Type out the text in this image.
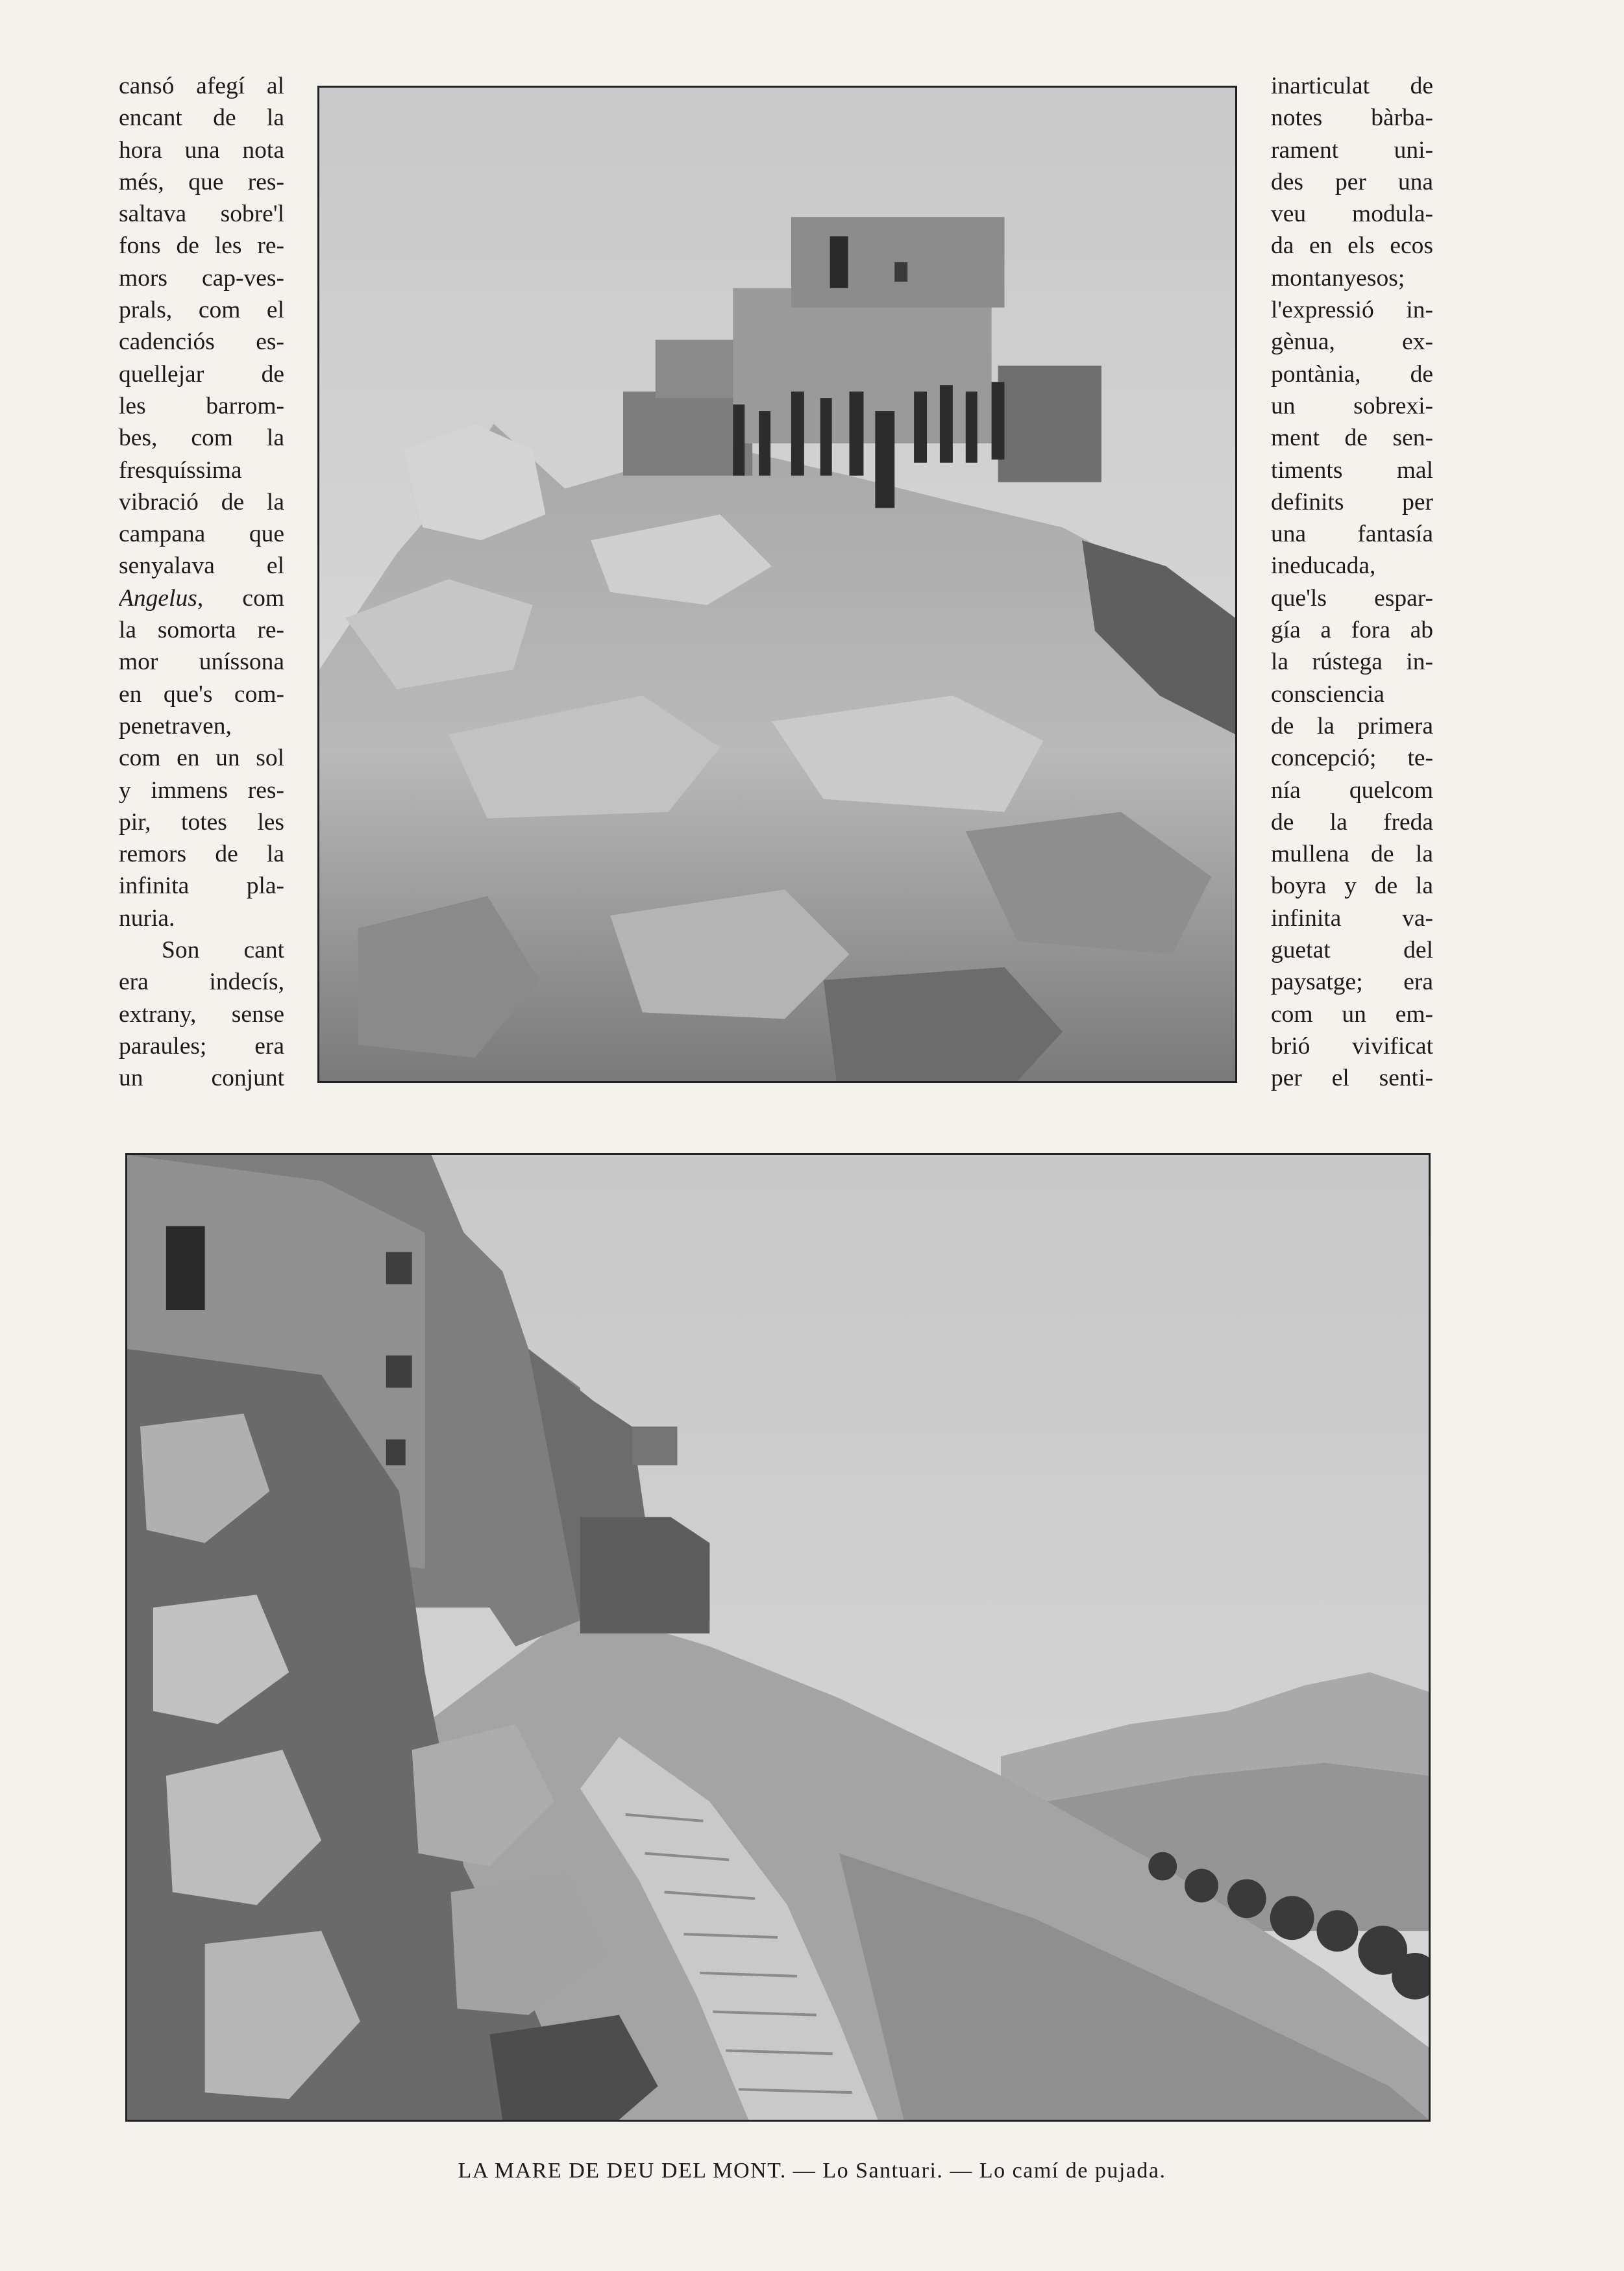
cansó afegí al
encant de la
hora una nota
més, que res-
saltava sobre'l
fons de les re-
mors cap-ves-
prals, com el
cadenciós es-
quellejar de
les barrom-
bes, com la
fresquíssima
vibració de la
campana que
senyalava el
Angelus, com
la somorta re-
mor uníssona
en que's com-
penetraven,
com en un sol
y immens res-
pir, totes les
remors de la
infinita pla-
nuria.
Son cant
era indecís,
extrany, sense
paraules; era
un conjunt
inarticulat de
notes bàrba-
rament uni-
des per una
veu modula-
da en els ecos
montanyesos;
l'expressió in-
gènua, ex-
pontània, de
un sobrexi-
ment de sen-
timents mal
definits per
una fantasía
ineducada,
que'ls espar-
gía a fora ab
la rústega in-
consciencia
de la primera
concepció; te-
nía quelcom
de la freda
mullena de la
boyra y de la
infinita va-
guetat del
paysatge; era
com un em-
brió vivificat
per el senti-
LA MARE DE DEU DEL MONT. — Lo Santuari. — Lo camí de pujada.
